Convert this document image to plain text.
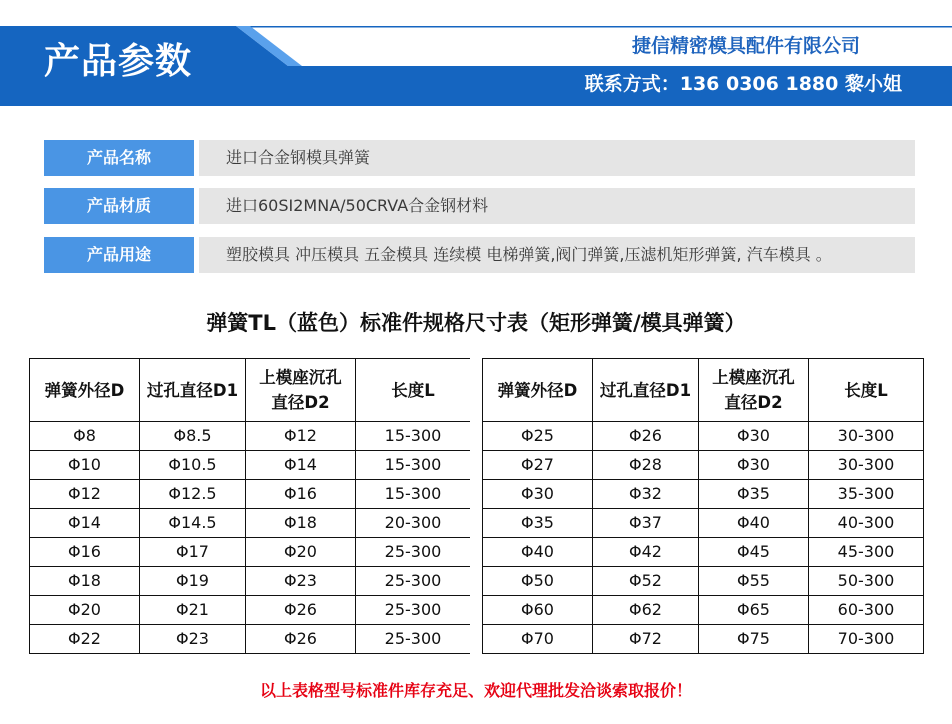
产品参数	捷信精密模具配件有限公司
联系方式：136 0306 1880 黎小姐
产品名称	进口合金钢模具弹簧
产品材质	进口60SI2MNA/50CRVA合金钢材料
产品用途	塑胶模具 冲压模具 五金模具 连续模 电梯弹簧,阀门弹簧,压滤机矩形弹簧, 汽车模具 。
弹簧TL（蓝色）标准件规格尺寸表（矩形弹簧/模具弹簧）
弹簧外径D	过孔直径D1	上模座沉孔
直径D2	长度L
Φ8	Φ8.5	Φ12	15-300
Φ10	Φ10.5	Φ14	15-300
Φ12	Φ12.5	Φ16	15-300
Φ14	Φ14.5	Φ18	20-300
Φ16	Φ17	Φ20	25-300
Φ18	Φ19	Φ23	25-300
Φ20	Φ21	Φ26	25-300
Φ22	Φ23	Φ26	25-300
弹簧外径D	过孔直径D1	上模座沉孔
直径D2	长度L
Φ25	Φ26	Φ30	30-300
Φ27	Φ28	Φ30	30-300
Φ30	Φ32	Φ35	35-300
Φ35	Φ37	Φ40	40-300
Φ40	Φ42	Φ45	45-300
Φ50	Φ52	Φ55	50-300
Φ60	Φ62	Φ65	60-300
Φ70	Φ72	Φ75	70-300
以上表格型号标准件库存充足、欢迎代理批发洽谈索取报价！
